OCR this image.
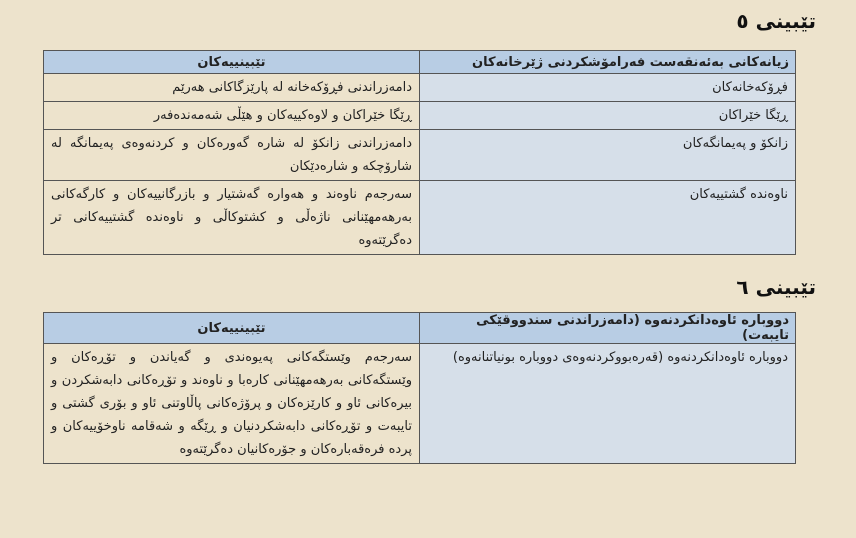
تێبینی ٥
زیانەکانی بەئەنقەست فەرامۆشکردنی ژێرخانەکان	تێبینییەکان
فڕۆکەخانەکان	دامەزراندنی فڕۆکەخانە لە پارێزگاکانی هەرێم
ڕێگا خێراکان	ڕێگا خێراکان و لاوەکییەکان و هێڵی شەمەندەفەر
زانکۆ و پەیمانگەکان	دامەزراندنی زانکۆ لە شارە گەورەکان و کردنەوەی پەیمانگە لە شارۆچکە و شارەدێکان
ناوەندە گشتییەکان	سەرجەم ناوەند و هەوارە گەشتیار و بازرگانییەکان و کارگەکانی بەرهەمهێنانی ناژەڵی و کشتوکاڵی و ناوەندە گشتییەکانی تر دەگرێتەوە
تێبینی ٦
دووبارە ئاوەدانکردنەوە (دامەزراندنی سندووقێکی تایبەت)	تێبینییەکان
دووبارە ئاوەدانکردنەوە (قەرەبووکردنەوەی دووبارە بونیاتنانەوە)	سەرجەم وێستگەکانی پەیوەندی و گەیاندن و تۆڕەکان و وێستگەکانی بەرهەمهێنانی کارەبا و ناوەند و تۆڕەکانی دابەشکردن و بیرەکانی ئاو و کارێزەکان و پرۆژەکانی پاڵاوتنی ئاو و بۆری گشتی و تایبەت و تۆڕەکانی دابەشکردنیان و ڕێگە و شەقامە ناوخۆییەکان و پردە فرەقەبارەکان و جۆرەکانیان دەگرێتەوە
